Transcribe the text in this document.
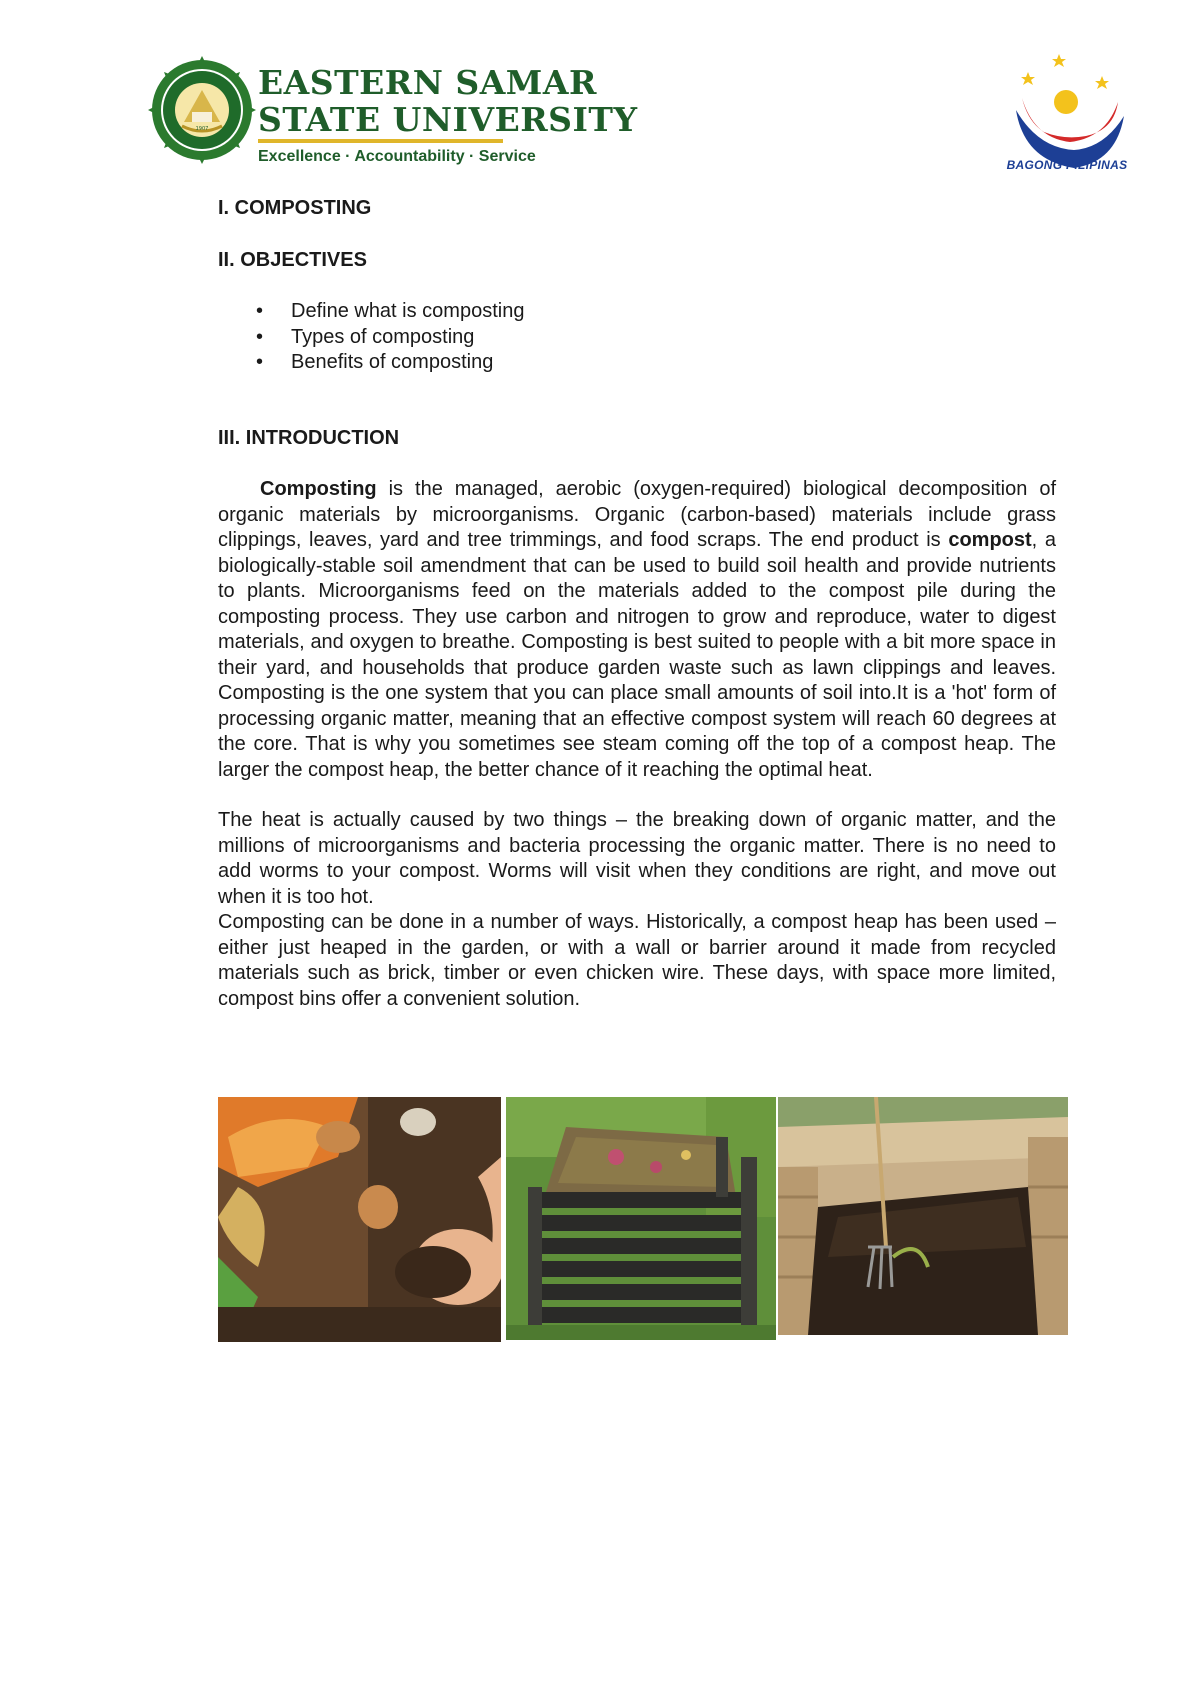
1907
EASTERN SAMAR
STATE UNIVERSITY
Excellence · Accountability · Service	BAGONG PILIPINAS

I. COMPOSTING

II. OBJECTIVES

• Define what is composting
• Types of composting
• Benefits of composting

III. INTRODUCTION

Composting is the managed, aerobic (oxygen-required) biological decomposition of organic materials by microorganisms. Organic (carbon-based) materials include grass clippings, leaves, yard and tree trimmings, and food scraps. The end product is compost, a biologically-stable soil amendment that can be used to build soil health and provide nutrients to plants. Microorganisms feed on the materials added to the compost pile during the composting process. They use carbon and nitrogen to grow and reproduce, water to digest materials, and oxygen to breathe. Composting is best suited to people with a bit more space in their yard, and households that produce garden waste such as lawn clippings and leaves. Composting is the one system that you can place small amounts of soil into.It is a 'hot' form of processing organic matter, meaning that an effective compost system will reach 60 degrees at the core. That is why you sometimes see steam coming off the top of a compost heap. The larger the compost heap, the better chance of it reaching the optimal heat.

The heat is actually caused by two things – the breaking down of organic matter, and the millions of microorganisms and bacteria processing the organic matter. There is no need to add worms to your compost. Worms will visit when they conditions are right, and move out when it is too hot.

Composting can be done in a number of ways. Historically, a compost heap has been used – either just heaped in the garden, or with a wall or barrier around it made from recycled materials such as brick, timber or even chicken wire. These days, with space more limited, compost bins offer a convenient solution.
